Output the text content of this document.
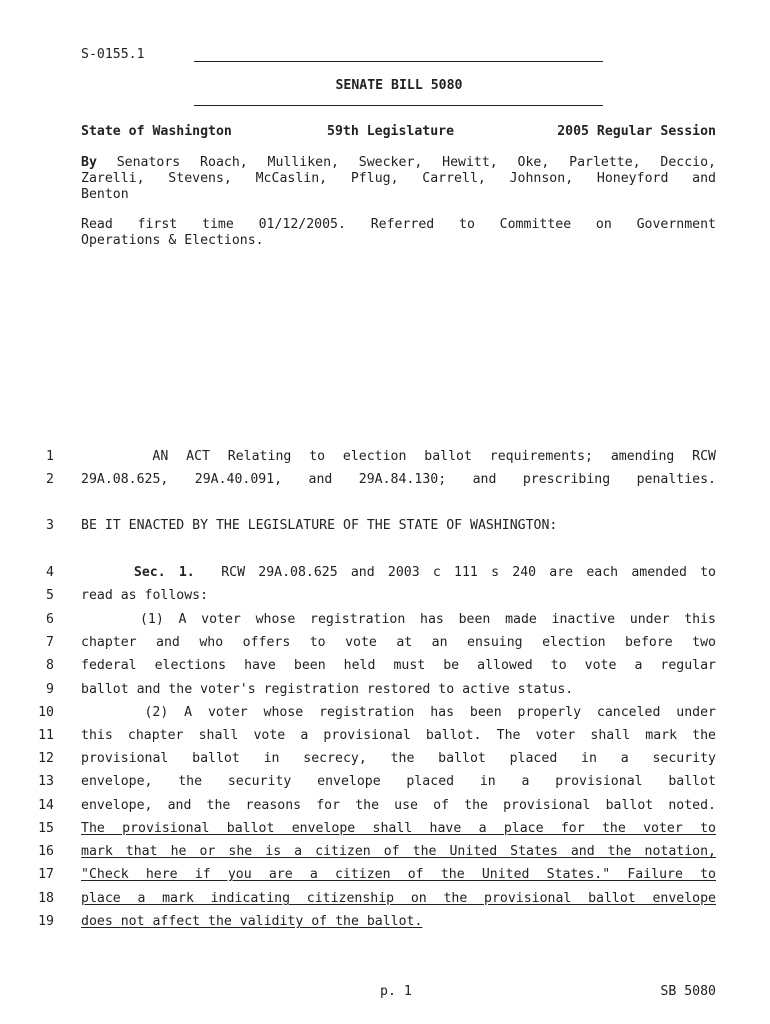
S-0155.1
SENATE BILL 5080
State of Washington	59th Legislature	2005 Regular Session
By Senators Roach, Mulliken, Swecker, Hewitt, Oke, Parlette, Deccio,
Zarelli, Stevens, McCaslin, Pflug, Carrell, Johnson, Honeyford and
Benton
Read first time 01/12/2005. Referred to Committee on Government
Operations & Elections.
1 AN ACT Relating to election ballot requirements; amending RCW
2 29A.08.625, 29A.40.091, and 29A.84.130; and prescribing penalties.
3 BE IT ENACTED BY THE LEGISLATURE OF THE STATE OF WASHINGTON:
4	Sec. 1.  RCW 29A.08.625 and 2003 c 111 s 240 are each amended to
5 read as follows:
6 (1) A voter whose registration has been made inactive under this
7 chapter and who offers to vote at an ensuing election before two
8 federal elections have been held must be allowed to vote a regular
9 ballot and the voter's registration restored to active status.
10 (2) A voter whose registration has been properly canceled under
11 this chapter shall vote a provisional ballot. The voter shall mark the
12 provisional ballot in secrecy, the ballot placed in a security
13 envelope, the security envelope placed in a provisional ballot
14 envelope, and the reasons for the use of the provisional ballot noted.
15 The provisional ballot envelope shall have a place for the voter to
16 mark that he or she is a citizen of the United States and the notation,
17 "Check here if you are a citizen of the United States." Failure to
18 place a mark indicating citizenship on the provisional ballot envelope
19 does not affect the validity of the ballot.
p. 1	SB 5080
